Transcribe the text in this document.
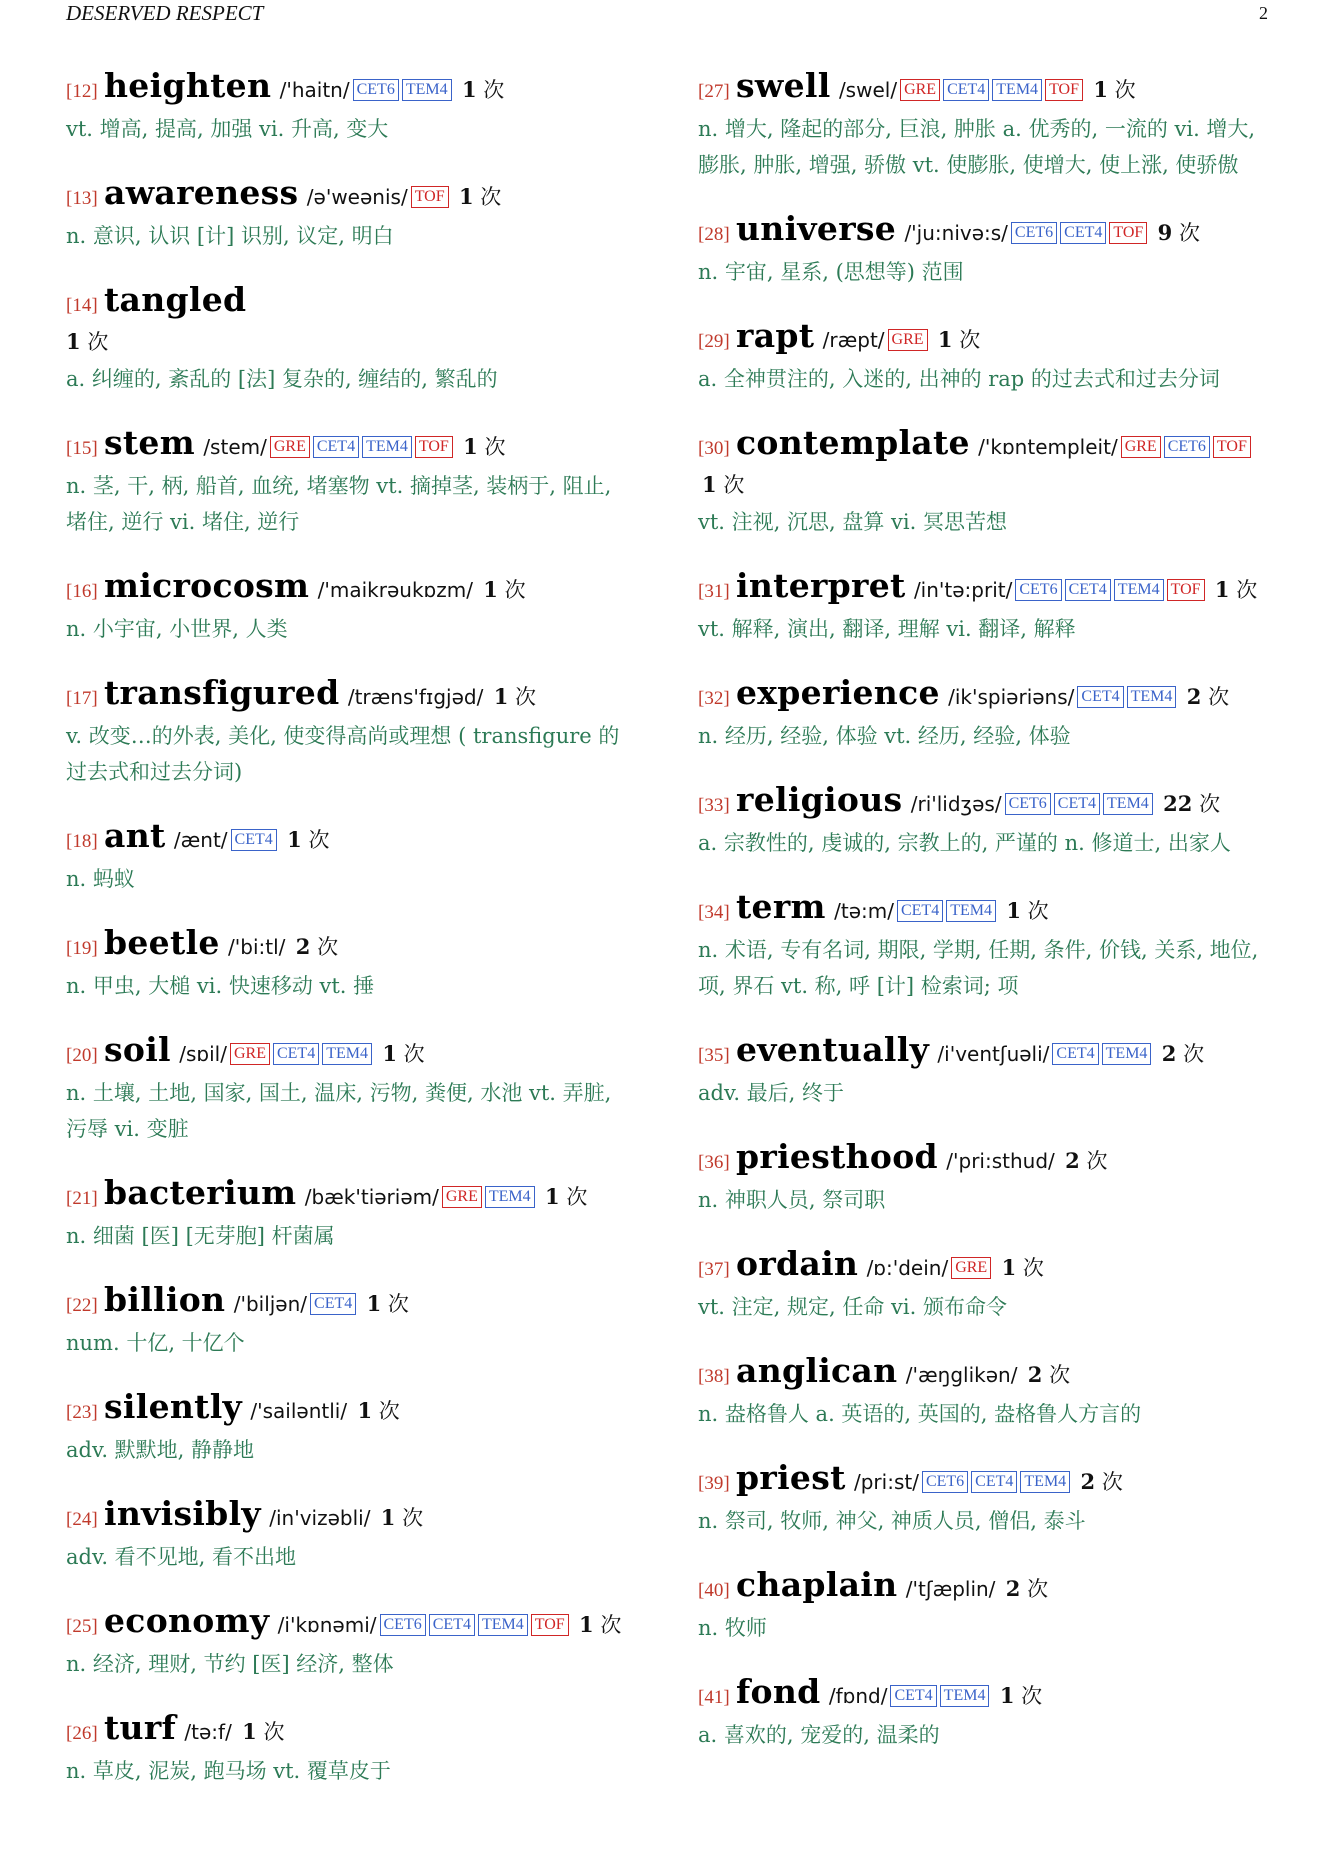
DESERVED RESPECT	2
[12] heighten /'haitn/ CET6 TEM4 1 次
vt. 增高, 提高, 加强 vi. 升高, 变大
[13] awareness /ə'weənis/ TOF 1 次
n. 意识, 认识 [计] 识别, 议定, 明白
[14] tangled
1 次
a. 纠缠的, 紊乱的 [法] 复杂的, 缠结的, 繁乱的
[15] stem /stem/ GRE CET4 TEM4 TOF 1 次
n. 茎, 干, 柄, 船首, 血统, 堵塞物 vt. 摘掉茎, 装柄于, 阻止, 堵住, 逆行 vi. 堵住, 逆行
[16] microcosm /'maikrəukɒzm/ 1 次
n. 小宇宙, 小世界, 人类
[17] transfigured /træns'fɪgjəd/ 1 次
v. 改变…的外表, 美化, 使变得高尚或理想 ( transfigure 的过去式和过去分词)
[18] ant /ænt/ CET4 1 次
n. 蚂蚁
[19] beetle /'bi:tl/ 2 次
n. 甲虫, 大槌 vi. 快速移动 vt. 捶
[20] soil /sɒil/ GRE CET4 TEM4 1 次
n. 土壤, 土地, 国家, 国土, 温床, 污物, 粪便, 水池 vt. 弄脏, 污辱 vi. 变脏
[21] bacterium /bæk'tiəriəm/ GRE TEM4 1 次
n. 细菌 [医] [无芽胞] 杆菌属
[22] billion /'biljən/ CET4 1 次
num. 十亿, 十亿个
[23] silently /'sailəntli/ 1 次
adv. 默默地, 静静地
[24] invisibly /in'vizəbli/ 1 次
adv. 看不见地, 看不出地
[25] economy /i'kɒnəmi/ CET6 CET4 TEM4 TOF 1 次
n. 经济, 理财, 节约 [医] 经济, 整体
[26] turf /tə:f/ 1 次
n. 草皮, 泥炭, 跑马场 vt. 覆草皮于
[27] swell /swel/ GRE CET4 TEM4 TOF 1 次
n. 增大, 隆起的部分, 巨浪, 肿胀 a. 优秀的, 一流的 vi. 增大, 膨胀, 肿胀, 增强, 骄傲 vt. 使膨胀, 使增大, 使上涨, 使骄傲
[28] universe /'ju:nivə:s/ CET6 CET4 TOF 9 次
n. 宇宙, 星系, (思想等) 范围
[29] rapt /ræpt/ GRE 1 次
a. 全神贯注的, 入迷的, 出神的 rap 的过去式和过去分词
[30] contemplate /'kɒntempleit/ GRE CET6 TOF 1 次
vt. 注视, 沉思, 盘算 vi. 冥思苦想
[31] interpret /in'tə:prit/ CET6 CET4 TEM4 TOF 1 次
vt. 解释, 演出, 翻译, 理解 vi. 翻译, 解释
[32] experience /ik'spiəriəns/ CET4 TEM4 2 次
n. 经历, 经验, 体验 vt. 经历, 经验, 体验
[33] religious /ri'lidʒəs/ CET6 CET4 TEM4 22 次
a. 宗教性的, 虔诚的, 宗教上的, 严谨的 n. 修道士, 出家人
[34] term /tə:m/ CET4 TEM4 1 次
n. 术语, 专有名词, 期限, 学期, 任期, 条件, 价钱, 关系, 地位, 项, 界石 vt. 称, 呼 [计] 检索词; 项
[35] eventually /i'ventʃuəli/ CET4 TEM4 2 次
adv. 最后, 终于
[36] priesthood /'pri:sthud/ 2 次
n. 神职人员, 祭司职
[37] ordain /ɒ:'dein/ GRE 1 次
vt. 注定, 规定, 任命 vi. 颁布命令
[38] anglican /'æŋglikən/ 2 次
n. 盎格鲁人 a. 英语的, 英国的, 盎格鲁人方言的
[39] priest /pri:st/ CET6 CET4 TEM4 2 次
n. 祭司, 牧师, 神父, 神质人员, 僧侣, 泰斗
[40] chaplain /'tʃæplin/ 2 次
n. 牧师
[41] fond /fɒnd/ CET4 TEM4 1 次
a. 喜欢的, 宠爱的, 温柔的
